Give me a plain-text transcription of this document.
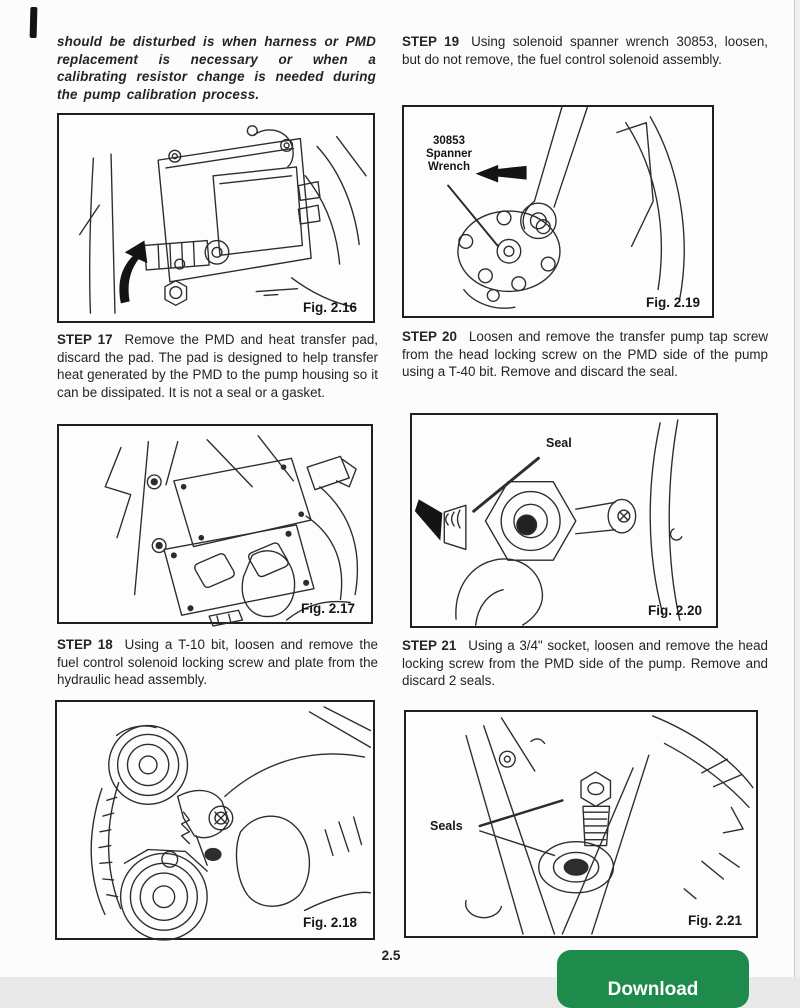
should be disturbed is when harness or PMD replacement is necessary or when a calibrating resistor change is needed during the pump calibration process.

Fig. 2.16

STEP 17 Remove the PMD and heat transfer pad, discard the pad. The pad is designed to help transfer heat generated by the PMD to the pump housing so it can be dissipated. It is not a seal or a gasket.

Fig. 2.17

STEP 18 Using a T-10 bit, loosen and remove the fuel control solenoid locking screw and plate from the hydraulic head assembly.

Fig. 2.18

STEP 19 Using solenoid spanner wrench 30853, loosen, but do not remove, the fuel control solenoid assembly.

30853
Spanner
Wrench
Fig. 2.19

STEP 20 Loosen and remove the transfer pump tap screw from the head locking screw on the PMD side of the pump using a T-40 bit. Remove and discard the seal.

Seal
Fig. 2.20

STEP 21 Using a 3/4" socket, loosen and remove the head locking screw from the PMD side of the pump. Remove and discard 2 seals.

Seals
Fig. 2.21
2.5
Download
